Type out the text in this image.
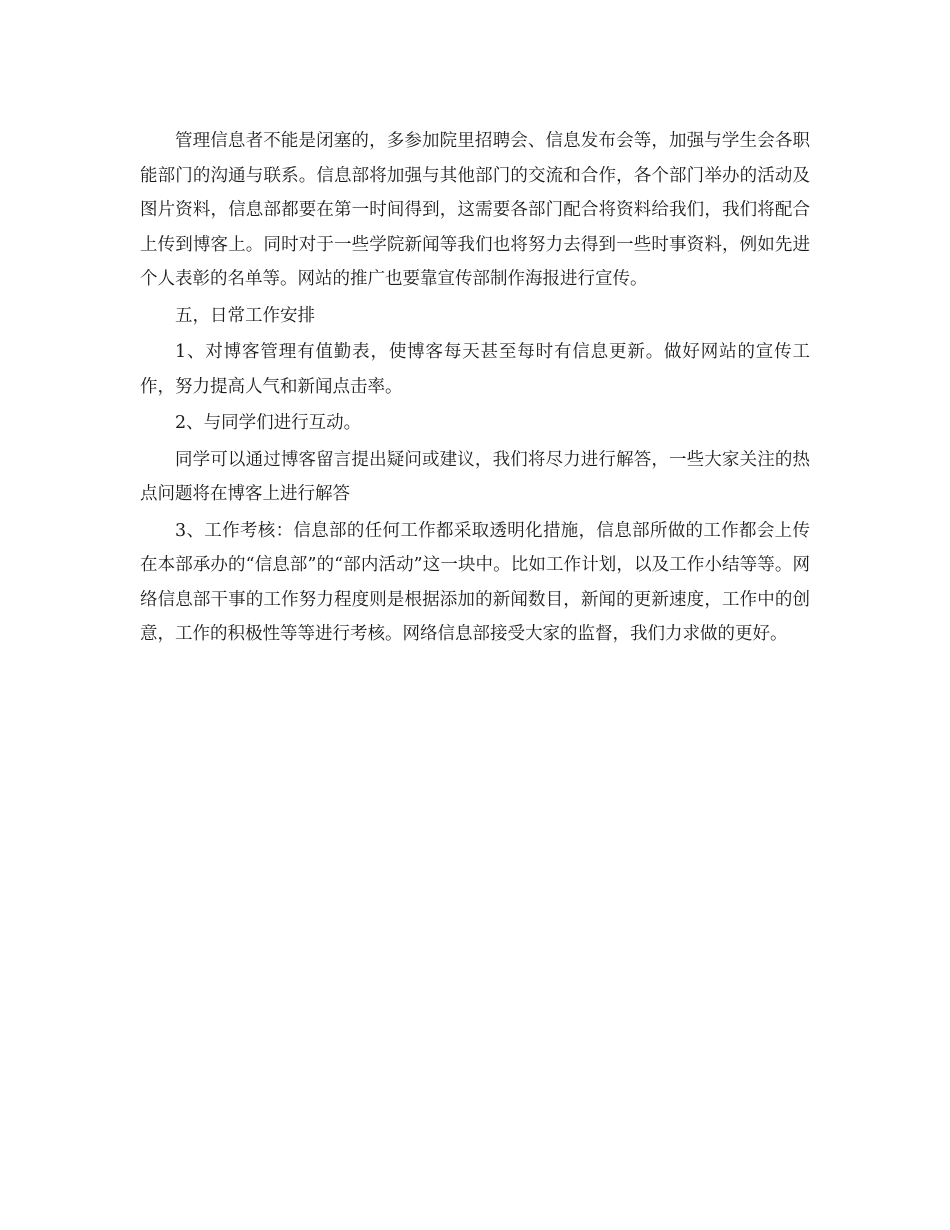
管理信息者不能是闭塞的，多参加院里招聘会、信息发布会等，加强与学生会各职能部门的沟通与联系。信息部将加强与其他部门的交流和合作，各个部门举办的活动及图片资料，信息部都要在第一时间得到，这需要各部门配合将资料给我们，我们将配合上传到博客上。同时对于一些学院新闻等我们也将努力去得到一些时事资料，例如先进个人表彰的名单等。网站的推广也要靠宣传部制作海报进行宣传。

五，日常工作安排

1、对博客管理有值勤表，使博客每天甚至每时有信息更新。做好网站的宣传工作，努力提高人气和新闻点击率。

2、与同学们进行互动。

同学可以通过博客留言提出疑问或建议，我们将尽力进行解答，一些大家关注的热点问题将在博客上进行解答

3、工作考核：信息部的任何工作都采取透明化措施，信息部所做的工作都会上传在本部承办的“信息部”的“部内活动”这一块中。比如工作计划，以及工作小结等等。网络信息部干事的工作努力程度则是根据添加的新闻数目，新闻的更新速度，工作中的创意，工作的积极性等等进行考核。网络信息部接受大家的监督，我们力求做的更好。
